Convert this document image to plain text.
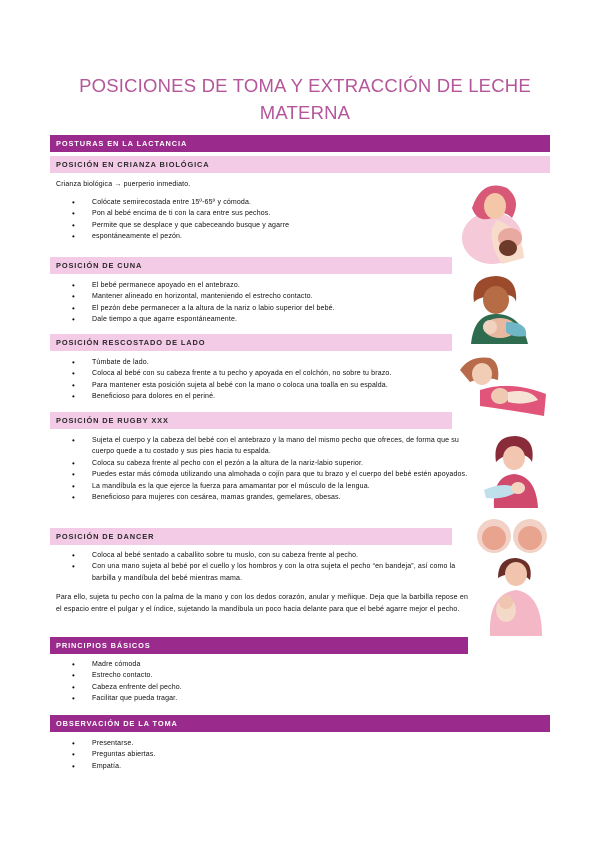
POSICIONES DE TOMA Y EXTRACCIÓN DE LECHE MATERNA
POSTURAS EN LA LACTANCIA
POSICIÓN EN CRIANZA BIOLÓGICA
Crianza biológica → puerperio inmediato.
• Colócate semirecostada entre 15º-65º y cómoda.
• Pon al bebé encima de ti con la cara entre sus pechos.
• Permite que se desplace y que cabeceando busque y agarre
• espontáneamente el pezón.
POSICIÓN DE CUNA
• El bebé permanece apoyado en el antebrazo.
• Mantener alineado en horizontal, manteniendo el estrecho contacto.
• El pezón debe permanecer a la altura de la nariz o labio superior del bebé.
• Dale tiempo a que agarre espontáneamente.
POSICIÓN RESCOSTADO DE LADO
• Túmbate de lado.
• Coloca al bebé con su cabeza frente a tu pecho y apoyada en el colchón, no sobre tu brazo.
• Para mantener esta posición sujeta al bebé con la mano o coloca una toalla en su espalda.
• Beneficioso para dolores en el periné.
POSICIÓN DE RUGBY XXX
• Sujeta el cuerpo y la cabeza del bebé con el antebrazo y la mano del mismo pecho que ofreces, de forma que su cuerpo quede a tu costado y sus pies hacia tu espalda.
• Coloca su cabeza frente al pecho con el pezón a la altura de la nariz-labio superior.
• Puedes estar más cómoda utilizando una almohada o cojín para que tu brazo y el cuerpo del bebé estén apoyados.
• La mandíbula es la que ejerce la fuerza para amamantar por el músculo de la lengua.
• Beneficioso para mujeres con cesárea, mamas grandes, gemelares, obesas.
POSICIÓN DE DANCER
• Coloca al bebé sentado a caballito sobre tu muslo, con su cabeza frente al pecho.
• Con una mano sujeta al bebé por el cuello y los hombros y con la otra sujeta el pecho “en bandeja”, así como la barbilla y mandíbula del bebé mientras mama.
Para ello, sujeta tu pecho con la palma de la mano y con los dedos corazón, anular y meñique. Deja que la barbilla repose en el espacio entre el pulgar y el índice, sujetando la mandíbula un poco hacia delante para que el bebé agarre mejor el pecho.
PRINCIPIOS BÁSICOS
• Madre cómoda
• Estrecho contacto.
• Cabeza enfrente del pecho.
• Facilitar que pueda tragar.
OBSERVACIÓN DE LA TOMA
• Presentarse.
• Preguntas abiertas.
• Empatía.
